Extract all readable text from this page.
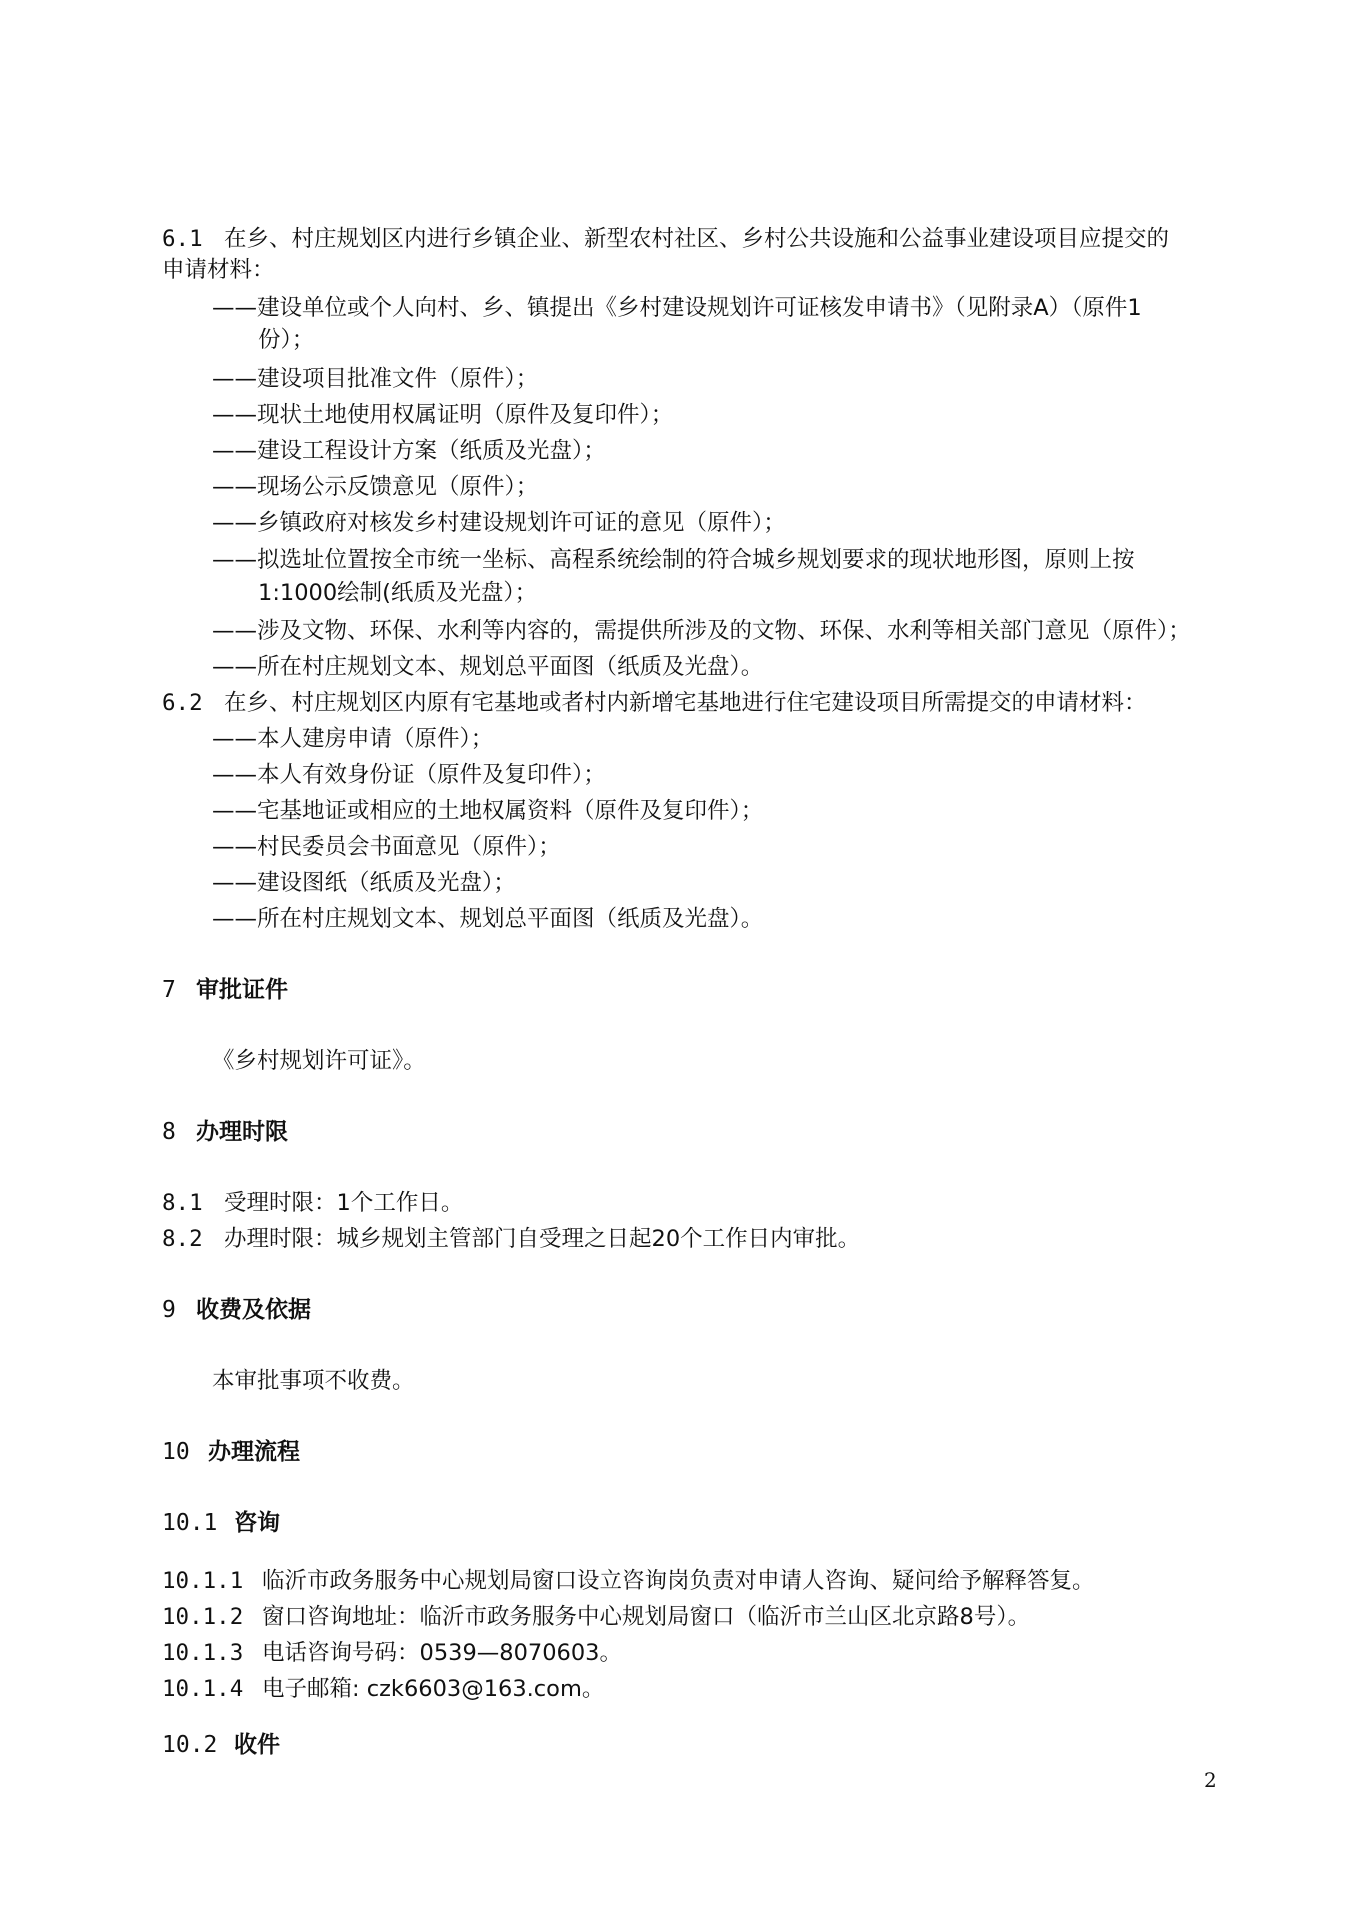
6.1 在乡、村庄规划区内进行乡镇企业、新型农村社区、乡村公共设施和公益事业建设项目应提交的
申请材料：
——建设单位或个人向村、乡、镇提出《乡村建设规划许可证核发申请书》（见附录A）（原件1
份）；
——建设项目批准文件（原件）；
——现状土地使用权属证明（原件及复印件）；
——建设工程设计方案（纸质及光盘）；
——现场公示反馈意见（原件）；
——乡镇政府对核发乡村建设规划许可证的意见（原件）；
——拟选址位置按全市统一坐标、高程系统绘制的符合城乡规划要求的现状地形图，原则上按
1:1000绘制(纸质及光盘）；
——涉及文物、环保、水利等内容的，需提供所涉及的文物、环保、水利等相关部门意见（原件）；
——所在村庄规划文本、规划总平面图（纸质及光盘）。
6.2 在乡、村庄规划区内原有宅基地或者村内新增宅基地进行住宅建设项目所需提交的申请材料：
——本人建房申请（原件）；
——本人有效身份证（原件及复印件）；
——宅基地证或相应的土地权属资料（原件及复印件）；
——村民委员会书面意见（原件）；
——建设图纸（纸质及光盘）；
——所在村庄规划文本、规划总平面图（纸质及光盘）。
7 审批证件
《乡村规划许可证》。
8 办理时限
8.1 受理时限：1个工作日。
8.2 办理时限：城乡规划主管部门自受理之日起20个工作日内审批。
9 收费及依据
本审批事项不收费。
10 办理流程
10.1 咨询
10.1.1 临沂市政务服务中心规划局窗口设立咨询岗负责对申请人咨询、疑问给予解释答复。
10.1.2 窗口咨询地址：临沂市政务服务中心规划局窗口（临沂市兰山区北京路8号）。
10.1.3 电话咨询号码：0539—8070603。
10.1.4 电子邮箱: czk6603@163.com。
10.2 收件
2
